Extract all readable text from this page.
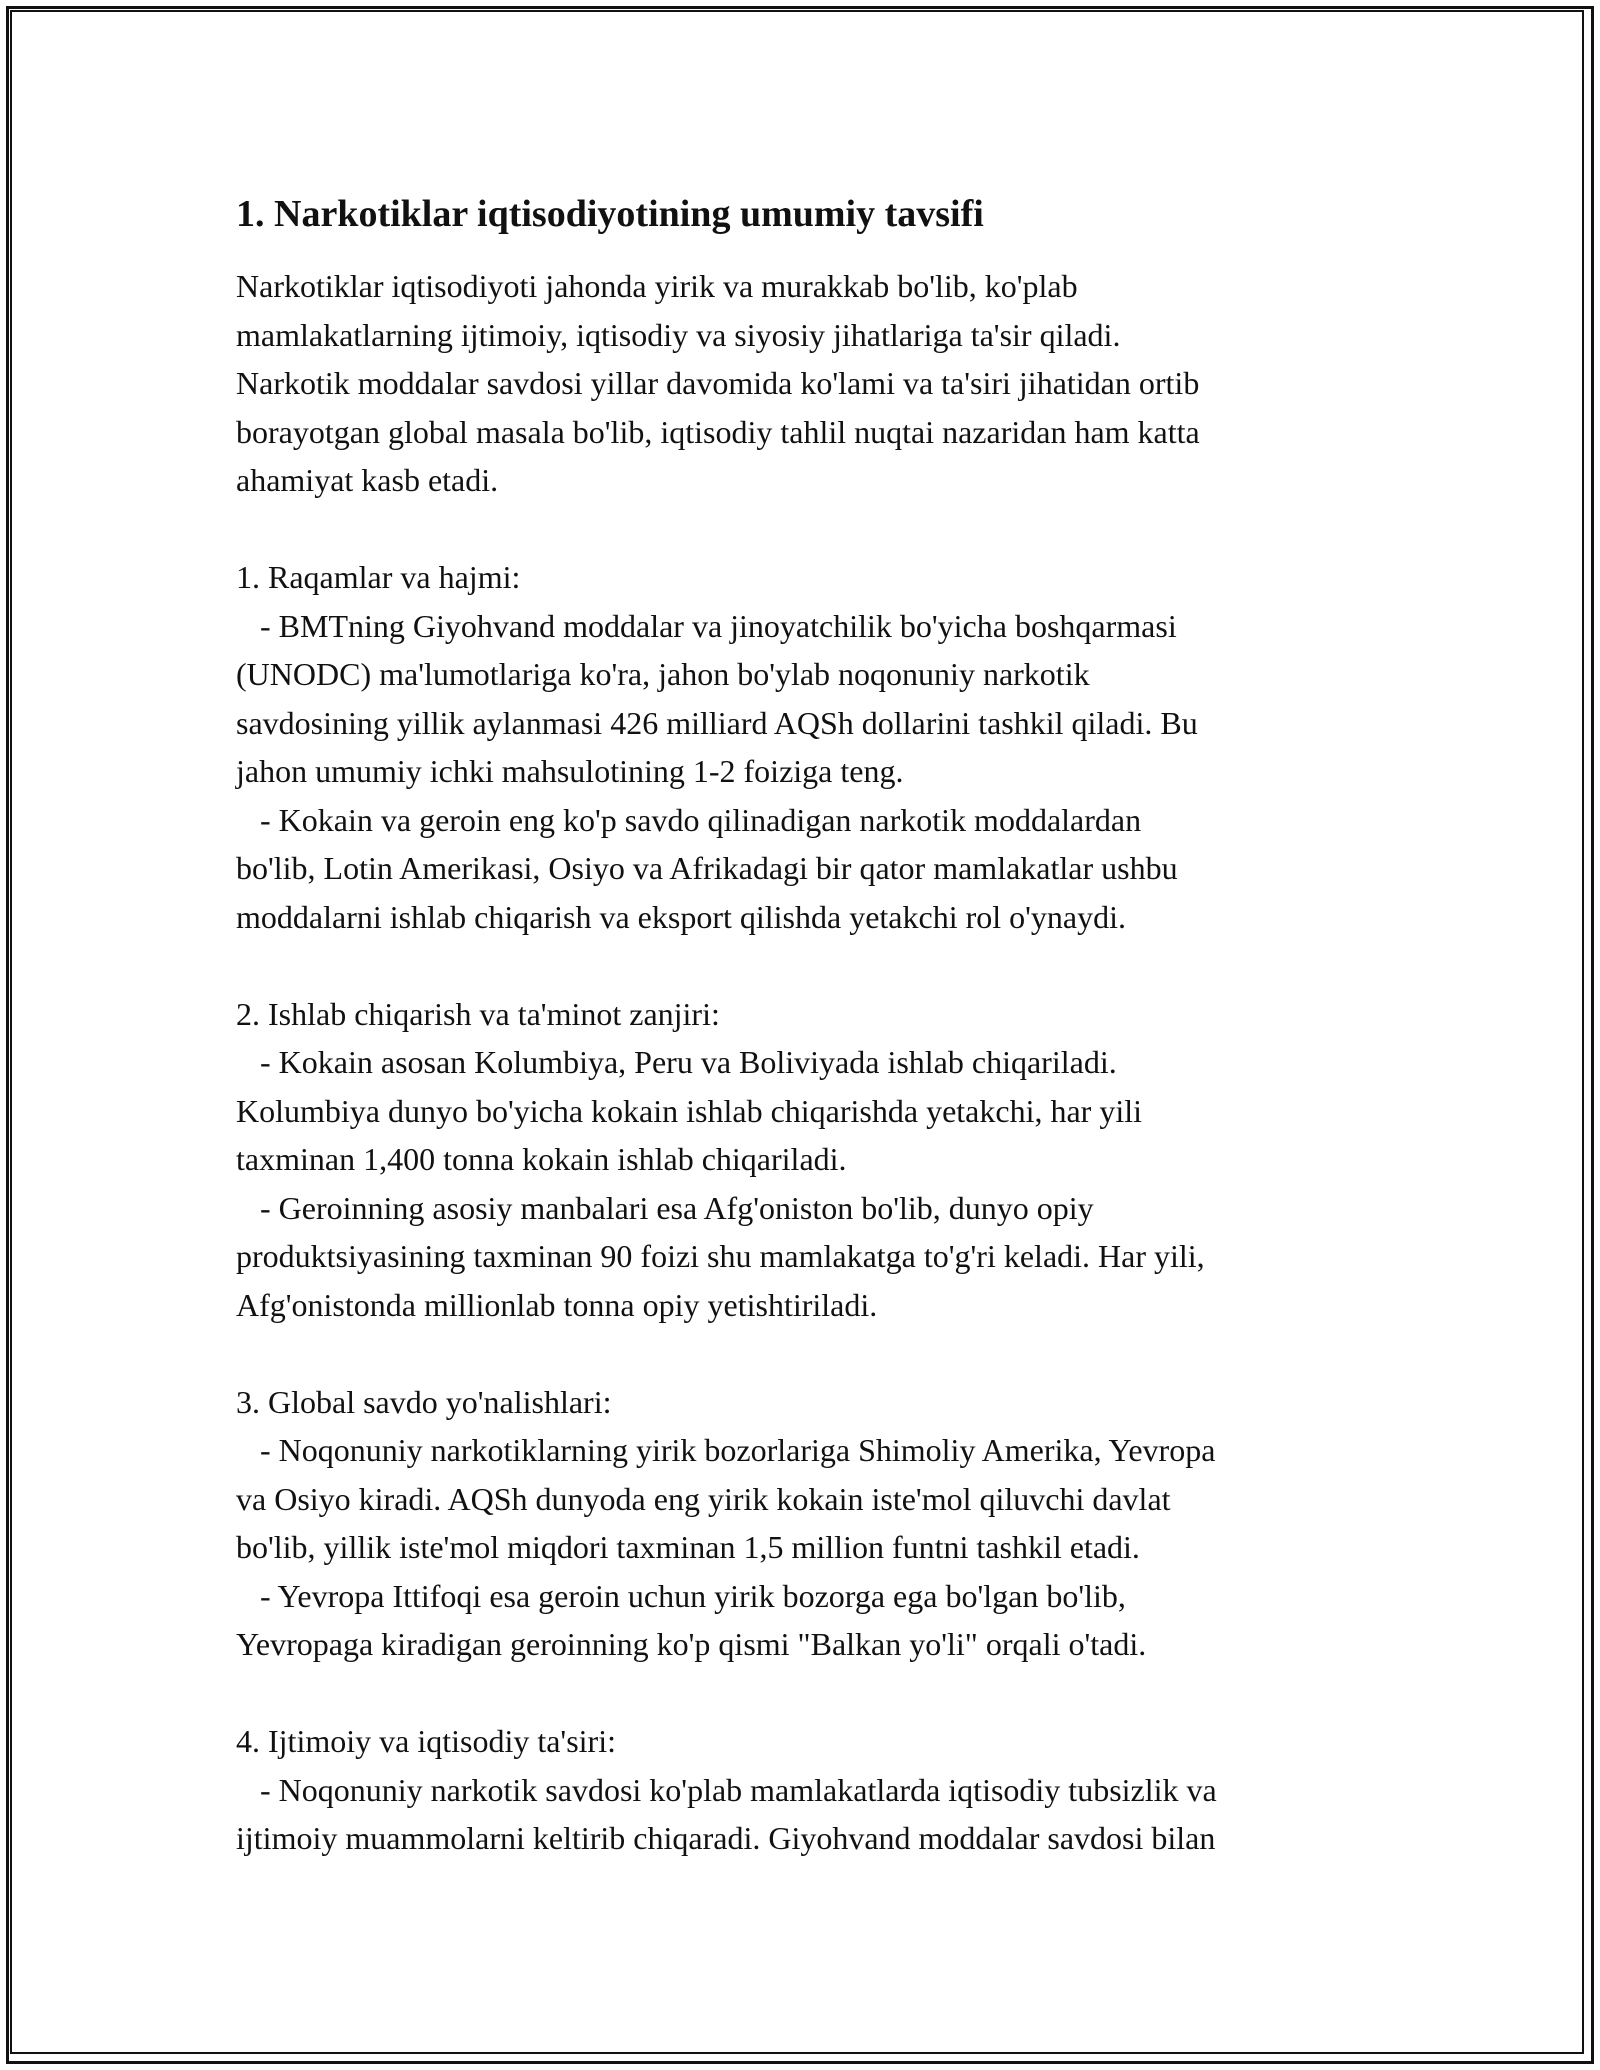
1. Narkotiklar iqtisodiyotining umumiy tavsifi

Narkotiklar iqtisodiyoti jahonda yirik va murakkab bo'lib, ko'plab

mamlakatlarning ijtimoiy, iqtisodiy va siyosiy jihatlariga ta'sir qiladi.

Narkotik moddalar savdosi yillar davomida ko'lami va ta'siri jihatidan ortib

borayotgan global masala bo'lib, iqtisodiy tahlil nuqtai nazaridan ham katta

ahamiyat kasb etadi.

1. Raqamlar va hajmi:

- BMTning Giyohvand moddalar va jinoyatchilik bo'yicha boshqarmasi

(UNODC) ma'lumotlariga ko'ra, jahon bo'ylab noqonuniy narkotik

savdosining yillik aylanmasi 426 milliard AQSh dollarini tashkil qiladi. Bu

jahon umumiy ichki mahsulotining 1-2 foiziga teng.

- Kokain va geroin eng ko'p savdo qilinadigan narkotik moddalardan

bo'lib, Lotin Amerikasi, Osiyo va Afrikadagi bir qator mamlakatlar ushbu

moddalarni ishlab chiqarish va eksport qilishda yetakchi rol o'ynaydi.

2. Ishlab chiqarish va ta'minot zanjiri:

- Kokain asosan Kolumbiya, Peru va Boliviyada ishlab chiqariladi.

Kolumbiya dunyo bo'yicha kokain ishlab chiqarishda yetakchi, har yili

taxminan 1,400 tonna kokain ishlab chiqariladi.

- Geroinning asosiy manbalari esa Afg'oniston bo'lib, dunyo opiy

produktsiyasining taxminan 90 foizi shu mamlakatga to'g'ri keladi. Har yili,

Afg'onistonda millionlab tonna opiy yetishtiriladi.

3. Global savdo yo'nalishlari:

- Noqonuniy narkotiklarning yirik bozorlariga Shimoliy Amerika, Yevropa

va Osiyo kiradi. AQSh dunyoda eng yirik kokain iste'mol qiluvchi davlat

bo'lib, yillik iste'mol miqdori taxminan 1,5 million funtni tashkil etadi.

- Yevropa Ittifoqi esa geroin uchun yirik bozorga ega bo'lgan bo'lib,

Yevropaga kiradigan geroinning ko'p qismi "Balkan yo'li" orqali o'tadi.

4. Ijtimoiy va iqtisodiy ta'siri:

- Noqonuniy narkotik savdosi ko'plab mamlakatlarda iqtisodiy tubsizlik va

ijtimoiy muammolarni keltirib chiqaradi. Giyohvand moddalar savdosi bilan
